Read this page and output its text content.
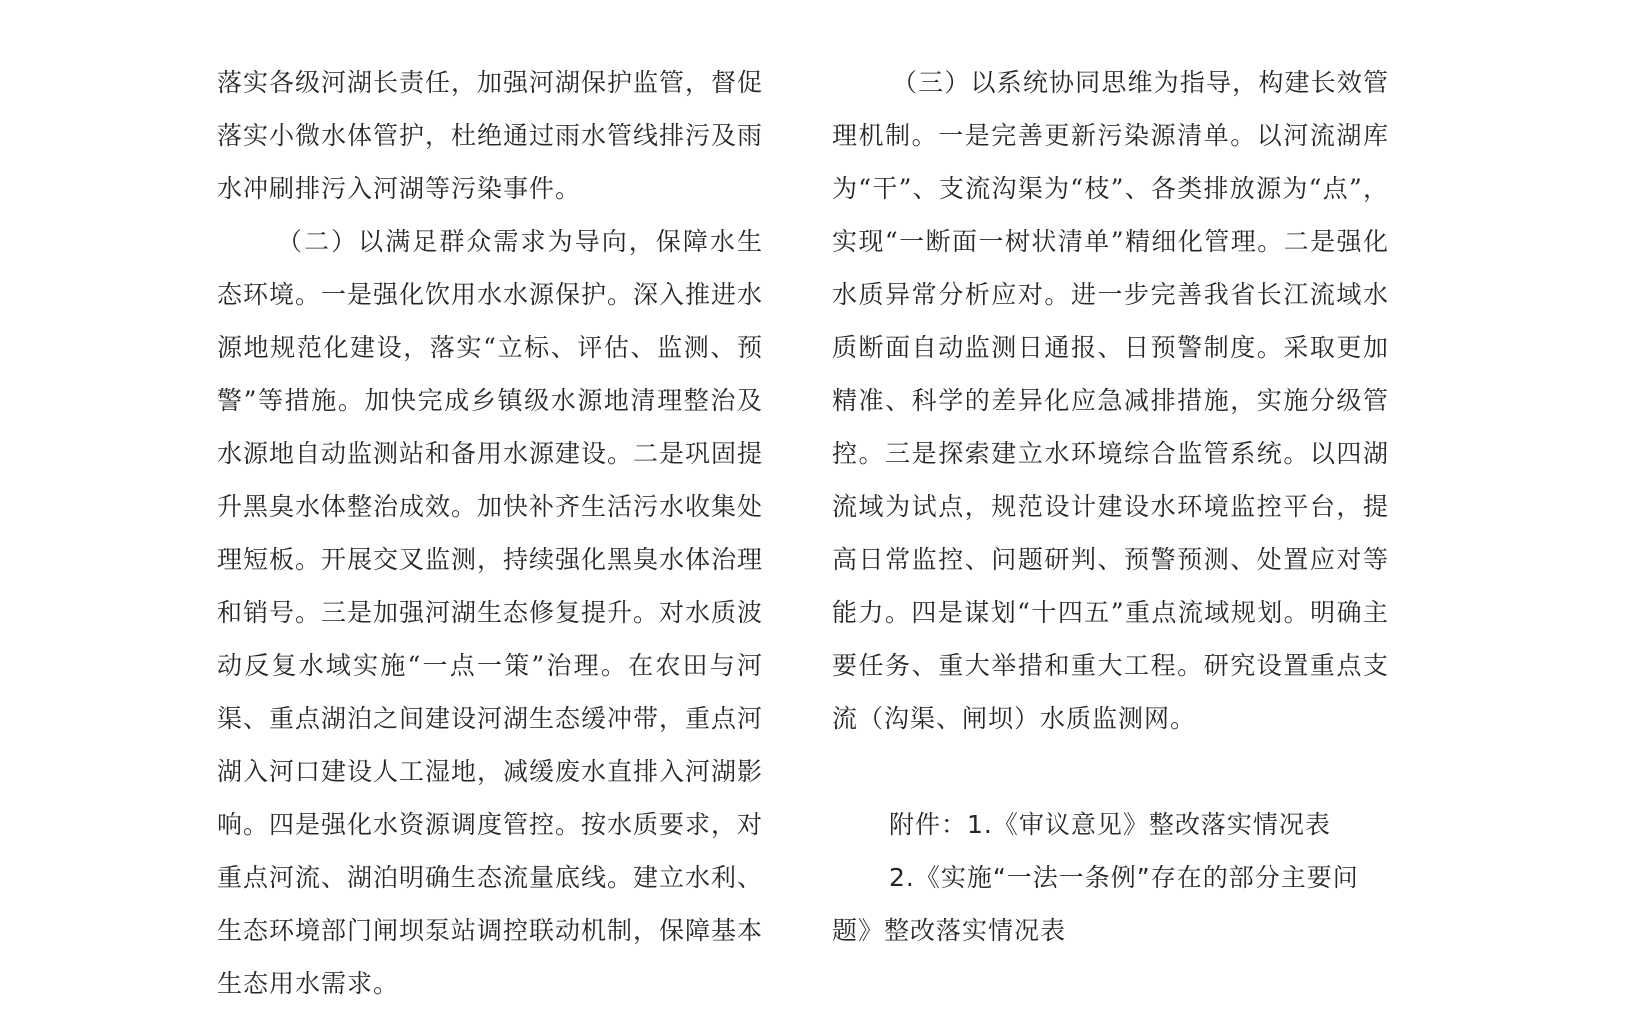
落实各级河湖长责任，加强河湖保护监管，督促落实小微水体管护，杜绝通过雨水管线排污及雨水冲刷排污入河湖等污染事件。

（二）以满足群众需求为导向，保障水生态环境。一是强化饮用水水源保护。深入推进水源地规范化建设，落实“立标、评估、监测、预警”等措施。加快完成乡镇级水源地清理整治及水源地自动监测站和备用水源建设。二是巩固提升黑臭水体整治成效。加快补齐生活污水收集处理短板。开展交叉监测，持续强化黑臭水体治理和销号。三是加强河湖生态修复提升。对水质波动反复水域实施“一点一策”治理。在农田与河渠、重点湖泊之间建设河湖生态缓冲带，重点河湖入河口建设人工湿地，减缓废水直排入河湖影响。四是强化水资源调度管控。按水质要求，对重点河流、湖泊明确生态流量底线。建立水利、生态环境部门闸坝泵站调控联动机制，保障基本生态用水需求。

（三）以系统协同思维为指导，构建长效管理机制。一是完善更新污染源清单。以河流湖库为“干”、支流沟渠为“枝”、各类排放源为“点”，实现“一断面一树状清单”精细化管理。二是强化水质异常分析应对。进一步完善我省长江流域水质断面自动监测日通报、日预警制度。采取更加精准、科学的差异化应急减排措施，实施分级管控。三是探索建立水环境综合监管系统。以四湖流域为试点，规范设计建设水环境监控平台，提高日常监控、问题研判、预警预测、处置应对等能力。四是谋划“十四五”重点流域规划。明确主要任务、重大举措和重大工程。研究设置重点支流（沟渠、闸坝）水质监测网。

附件：1.《审议意见》整改落实情况表

2.《实施“一法一条例”存在的部分主要问题》整改落实情况表
